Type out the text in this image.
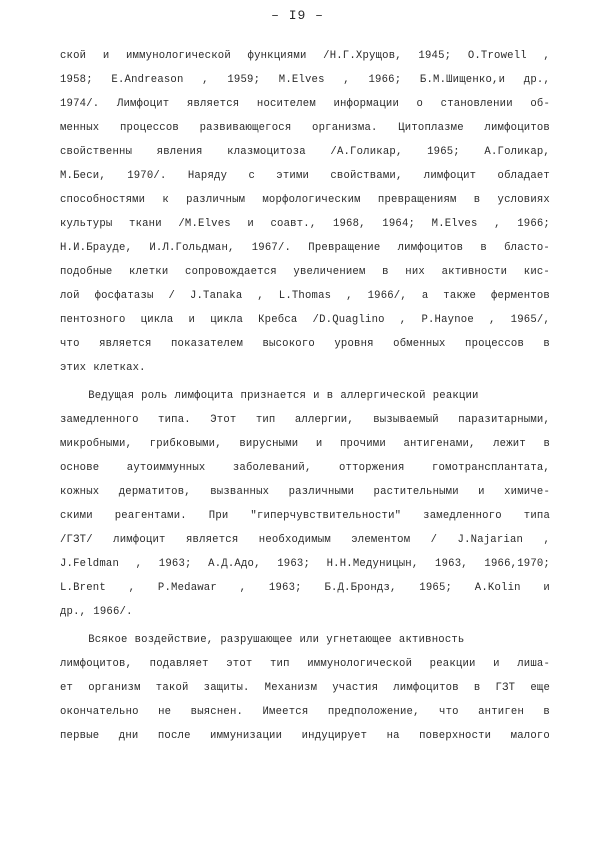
– I9 –
ской и иммунологической функциями /Н.Г.Хрущов, 1945; O.Trowell ,
1958; E.Andreason , 1959; M.Elves , 1966; Б.М.Шищенко,и др.,
1974/. Лимфоцит является носителем информации о становлении об-
менных процессов развивающегося организма. Цитоплазме лимфоцитов
свойственны явления клазмоцитоза /А.Голикар, 1965; А.Голикар,
М.Беси, 1970/. Наряду с этими свойствами, лимфоцит обладает
способностями к различным морфологическим превращениям в условиях
культуры ткани /M.Elves и соавт., 1968, 1964; M.Elves , 1966;
Н.И.Брауде, И.Л.Гольдман, 1967/. Превращение лимфоцитов в бласто-
подобные клетки сопровождается увеличением в них активности кис-
лой фосфатазы / J.Tanaka , L.Thomas , 1966/, а также ферментов
пентозного цикла и цикла Кребса /D.Quaglino , P.Haynoe , 1965/,
что является показателем высокого уровня обменных процессов в
этих клетках.
Ведущая роль лимфоцита признается и в аллергической реакции
замедленного типа. Этот тип аллергии, вызываемый паразитарными,
микробными, грибковыми, вирусными и прочими антигенами, лежит в
основе аутоиммунных заболеваний, отторжения гомотрансплантата,
кожных дерматитов, вызванных различными растительными и химиче-
скими реагентами. При "гиперчувствительности" замедленного типа
/ГЗТ/ лимфоцит является необходимым элементом / J.Najarian ,
J.Feldman , 1963; А.Д.Адо, 1963; Н.Н.Медуницын, 1963, 1966,1970;
L.Brent , P.Medawar , 1963; Б.Д.Брондз, 1965; A.Kolin и
др., 1966/.
Всякое воздействие, разрушающее или угнетающее активность
лимфоцитов, подавляет этот тип иммунологической реакции и лиша-
ет организм такой защиты. Механизм участия лимфоцитов в ГЗТ еще
окончательно не выяснен. Имеется предположение, что антиген в
первые дни после иммунизации индуцирует на поверхности малого
